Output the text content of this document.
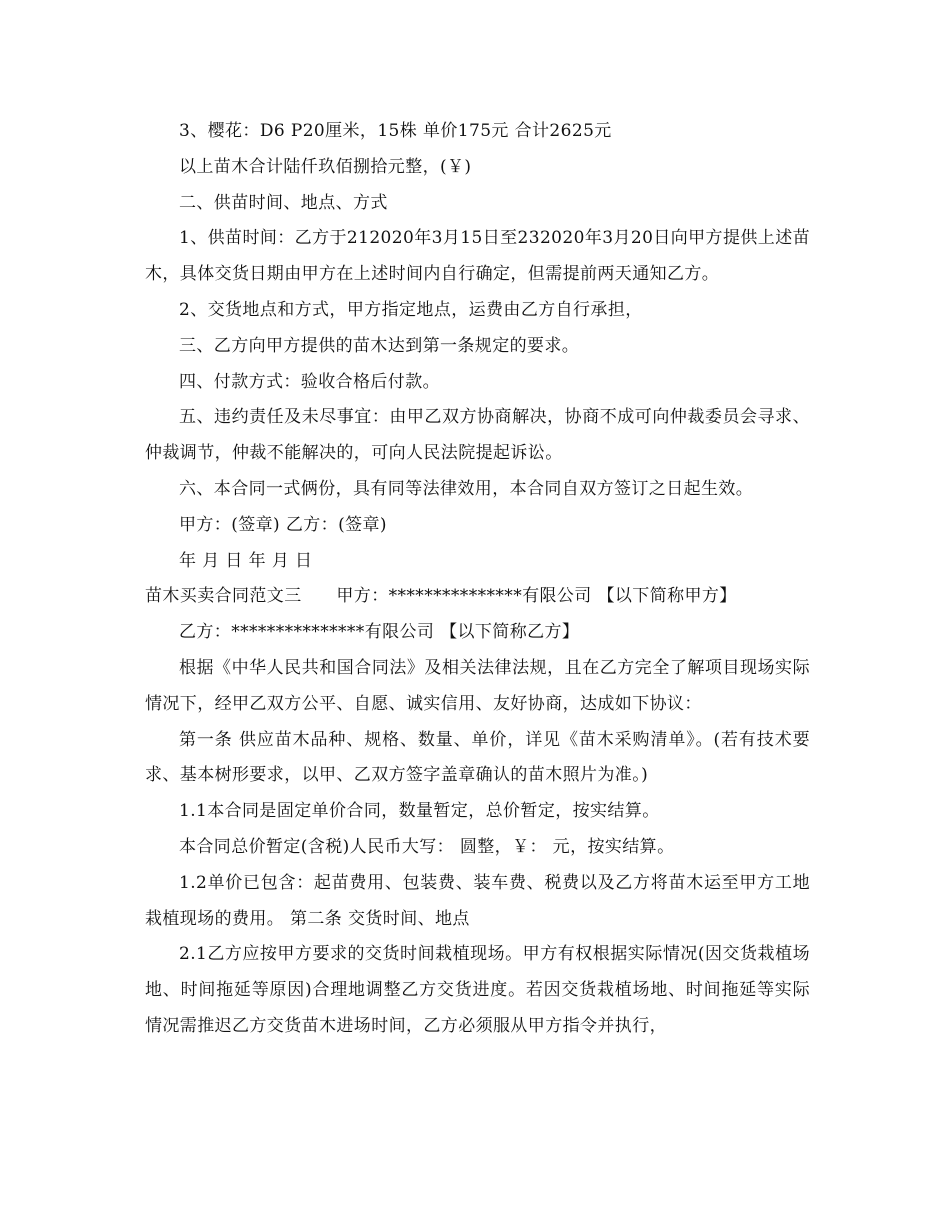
3、樱花：D6 P20厘米，15株 单价175元 合计2625元

以上苗木合计陆仟玖佰捌拾元整，(￥)

二、供苗时间、地点、方式

1、供苗时间：乙方于212020年3月15日至232020年3月20日向甲方提供上述苗木，具体交货日期由甲方在上述时间内自行确定，但需提前两天通知乙方。

2、交货地点和方式，甲方指定地点，运费由乙方自行承担，

三、乙方向甲方提供的苗木达到第一条规定的要求。

四、付款方式：验收合格后付款。

五、违约责任及未尽事宜：由甲乙双方协商解决，协商不成可向仲裁委员会寻求、仲裁调节，仲裁不能解决的，可向人民法院提起诉讼。

六、本合同一式俩份，具有同等法律效用，本合同自双方签订之日起生效。

甲方：(签章) 乙方：(签章)

年 月 日 年 月 日

苗木买卖合同范文三　　甲方：***************有限公司 【以下简称甲方】

乙方：***************有限公司 【以下简称乙方】

根据《中华人民共和国合同法》及相关法律法规，且在乙方完全了解项目现场实际情况下，经甲乙双方公平、自愿、诚实信用、友好协商，达成如下协议：

第一条 供应苗木品种、规格、数量、单价，详见《苗木采购清单》。(若有技术要求、基本树形要求，以甲、乙双方签字盖章确认的苗木照片为准。)

1.1本合同是固定单价合同，数量暂定，总价暂定，按实结算。

本合同总价暂定(含税)人民币大写： 圆整，￥： 元，按实结算。

1.2单价已包含：起苗费用、包装费、装车费、税费以及乙方将苗木运至甲方工地栽植现场的费用。 第二条 交货时间、地点

2.1乙方应按甲方要求的交货时间栽植现场。甲方有权根据实际情况(因交货栽植场地、时间拖延等原因)合理地调整乙方交货进度。若因交货栽植场地、时间拖延等实际情况需推迟乙方交货苗木进场时间，乙方必须服从甲方指令并执行，
